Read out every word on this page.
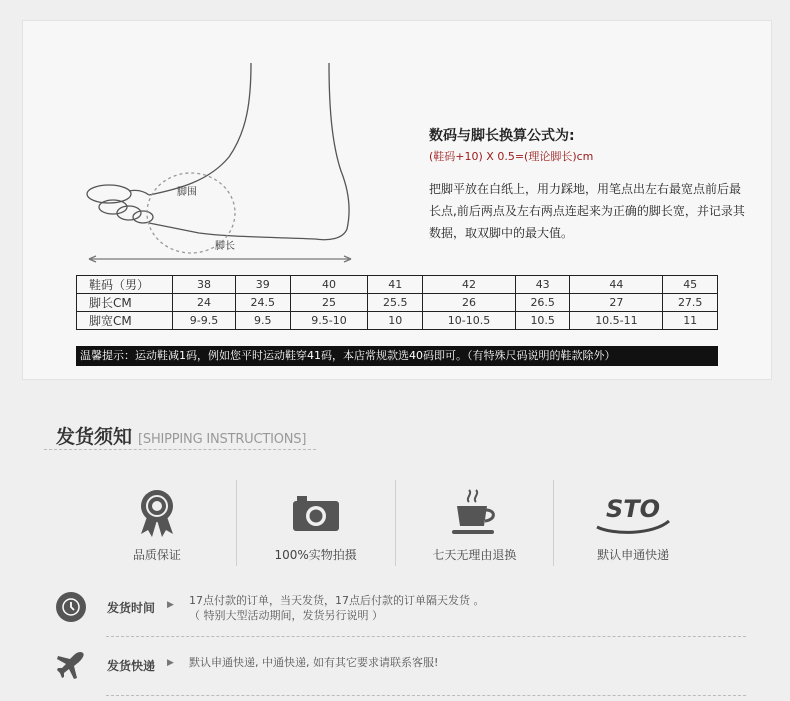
脚围
脚长
数码与脚长换算公式为:
(鞋码+10) X 0.5=(理论脚长)cm
把脚平放在白纸上，用力踩地，用笔点出左右最宽点前后最长点,前后两点及左右两点连起来为正确的脚长宽，并记录其数据，取双脚中的最大值。
鞋码（男）	38	39	40	41	42	43	44	45
脚长CM	24	24.5	25	25.5	26	26.5	27	27.5
脚宽CM	9-9.5	9.5	9.5-10	10	10-10.5	10.5	10.5-11	11
温馨提示：运动鞋减1码，例如您平时运动鞋穿41码，本店常规款选40码即可。（有特殊尺码说明的鞋款除外）
发货须知 [SHIPPING INSTRUCTIONS]
品质保证	100%实物拍摄	七天无理由退换
STO
默认申通快递
发货时间	▶	17点付款的订单，当天发货，17点后付款的订单隔天发货 。
（ 特别大型活动期间，发货另行说明 ）
发货快递	▶	默认申通快递, 中通快递, 如有其它要求请联系客服!
